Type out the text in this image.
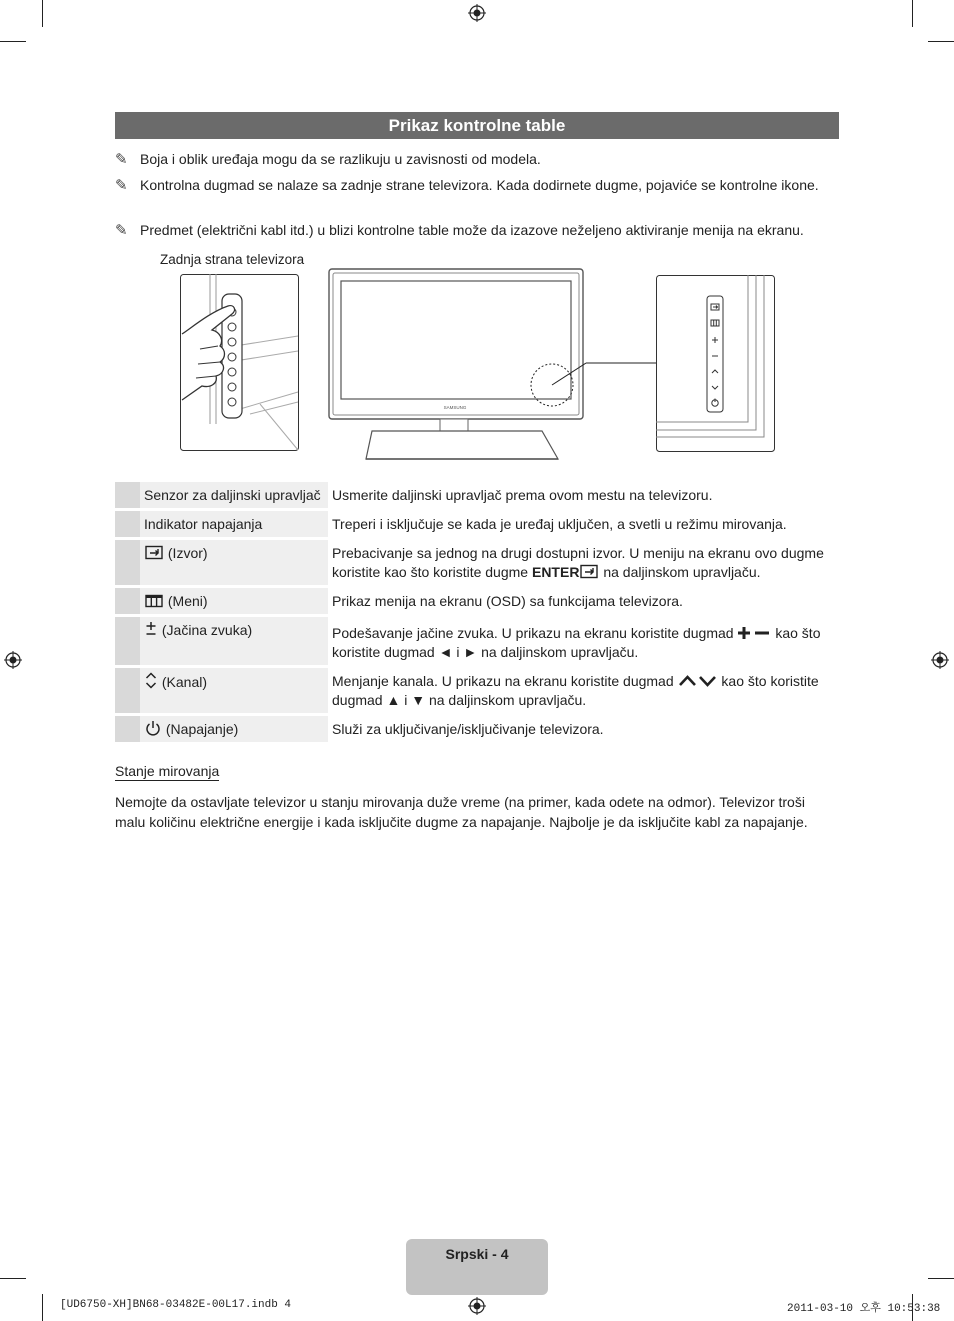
Prikaz kontrolne table
✎ Boja i oblik uređaja mogu da se razlikuju u zavisnosti od modela.
✎ Kontrolna dugmad se nalaze sa zadnje strane televizora. Kada dodirnete dugme, pojaviće se kontrolne ikone.
✎ Predmet (električni kabl itd.) u blizi kontrolne table može da izazove neželjeno aktiviranje menija na ekranu.
Zadnja strana televizora
SAMSUNG
	Senzor za daljinski upravljač	Usmerite daljinski upravljač prema ovom mestu na televizoru.
	Indikator napajanja	Treperi i isključuje se kada je uređaj uključen, a svetli u režimu mirovanja.
	(Izvor)	Prebacivanje sa jednog na drugi dostupni izvor. U meniju na ekranu ovo dugme koristite kao što koristite dugme ENTER na daljinskom upravljaču.
	(Meni)	Prikaz menija na ekranu (OSD) sa funkcijama televizora.
	(Jačina zvuka)	Podešavanje jačine zvuka. U prikazu na ekranu koristite dugmad  kao što koristite dugmad ◄ i ► na daljinskom upravljaču.
	(Kanal)	Menjanje kanala. U prikazu na ekranu koristite dugmad kao što koristite dugmad ▲ i ▼ na daljinskom upravljaču.
	(Napajanje)	Služi za uključivanje/isključivanje televizora.
Stanje mirovanja
Nemojte da ostavljate televizor u stanju mirovanja duže vreme (na primer, kada odete na odmor). Televizor troši malu količinu električne energije i kada isključite dugme za napajanje. Najbolje je da isključite kabl za napajanje.
Srpski - 4
[UD6750-XH]BN68-03482E-00L17.indb 4	2011-03-10 오후 10:53:38
